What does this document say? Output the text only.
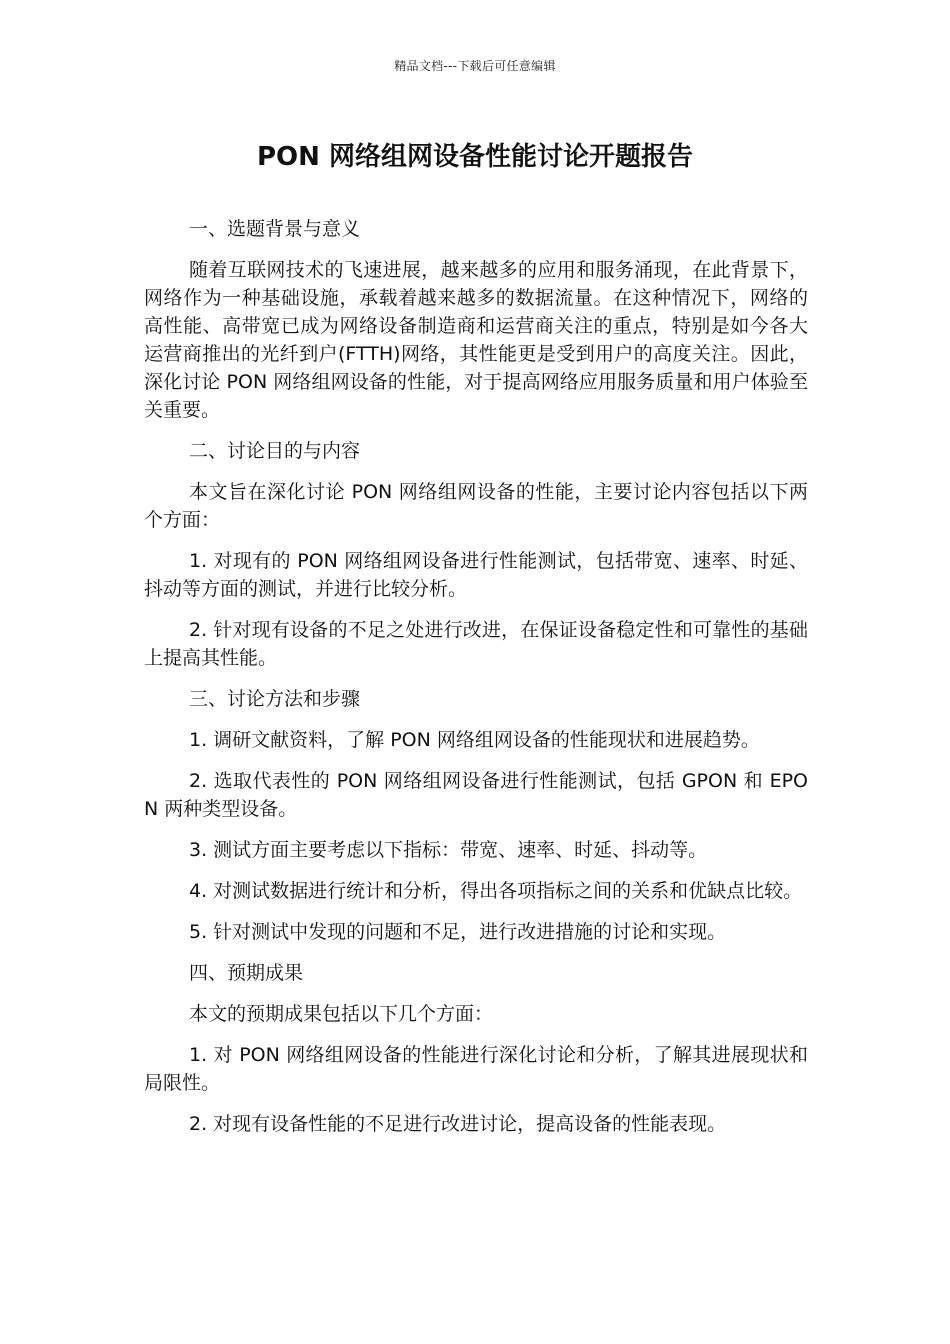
精品文档---下载后可任意编辑
PON 网络组网设备性能讨论开题报告

一、选题背景与意义

随着互联网技术的飞速进展，越来越多的应用和服务涌现，在此背景下，网络作为一种基础设施，承载着越来越多的数据流量。在这种情况下，网络的高性能、高带宽已成为网络设备制造商和运营商关注的重点，特别是如今各大运营商推出的光纤到户(FTTH)网络，其性能更是受到用户的高度关注。因此，深化讨论 PON 网络组网设备的性能，对于提高网络应用服务质量和用户体验至关重要。

二、讨论目的与内容

本文旨在深化讨论 PON 网络组网设备的性能，主要讨论内容包括以下两个方面：

1. 对现有的 PON 网络组网设备进行性能测试，包括带宽、速率、时延、抖动等方面的测试，并进行比较分析。

2. 针对现有设备的不足之处进行改进，在保证设备稳定性和可靠性的基础上提高其性能。

三、讨论方法和步骤

1. 调研文献资料，了解 PON 网络组网设备的性能现状和进展趋势。

2. 选取代表性的 PON 网络组网设备进行性能测试，包括 GPON 和 EPON 两种类型设备。

3. 测试方面主要考虑以下指标：带宽、速率、时延、抖动等。

4. 对测试数据进行统计和分析，得出各项指标之间的关系和优缺点比较。

5. 针对测试中发现的问题和不足，进行改进措施的讨论和实现。

四、预期成果

本文的预期成果包括以下几个方面：

1. 对 PON 网络组网设备的性能进行深化讨论和分析，了解其进展现状和局限性。

2. 对现有设备性能的不足进行改进讨论，提高设备的性能表现。
